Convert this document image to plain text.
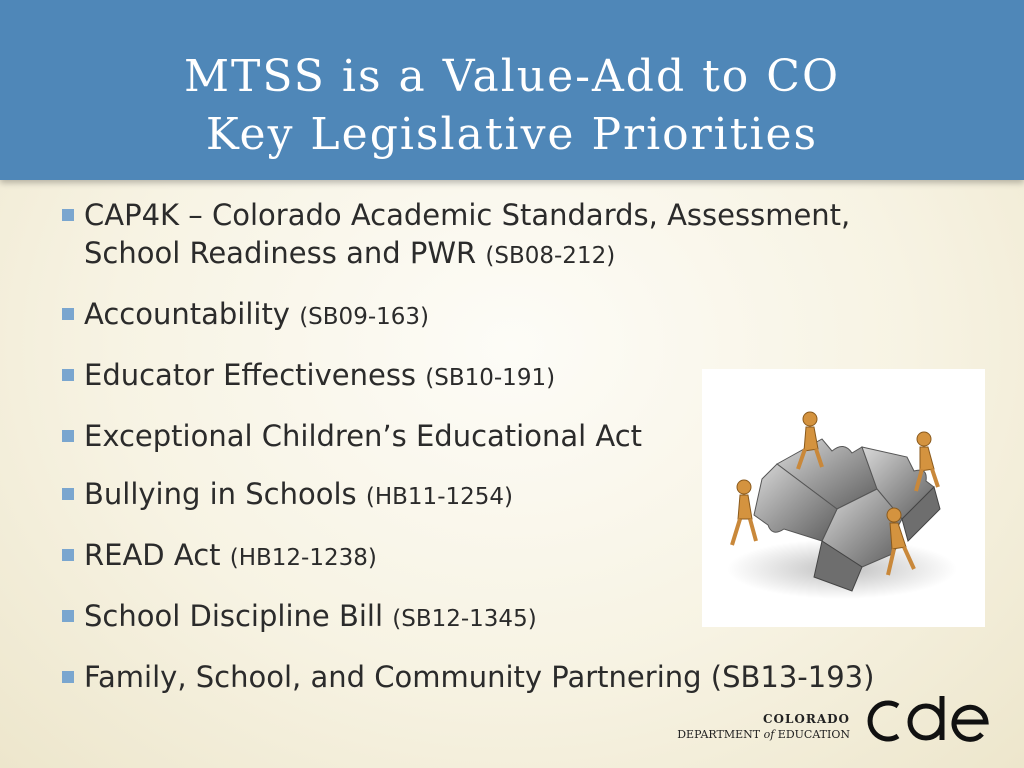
MTSS is a Value-Add to CO
Key Legislative Priorities
CAP4K – Colorado Academic Standards, Assessment,
School Readiness and PWR (SB08-212)
Accountability (SB09-163)
Educator Effectiveness (SB10-191)
Exceptional Children’s Educational Act
Bullying in Schools (HB11-1254)
READ Act (HB12-1238)
School Discipline Bill (SB12-1345)
Family, School, and Community Partnering (SB13-193)
COLORADO
DEPARTMENT of EDUCATION
